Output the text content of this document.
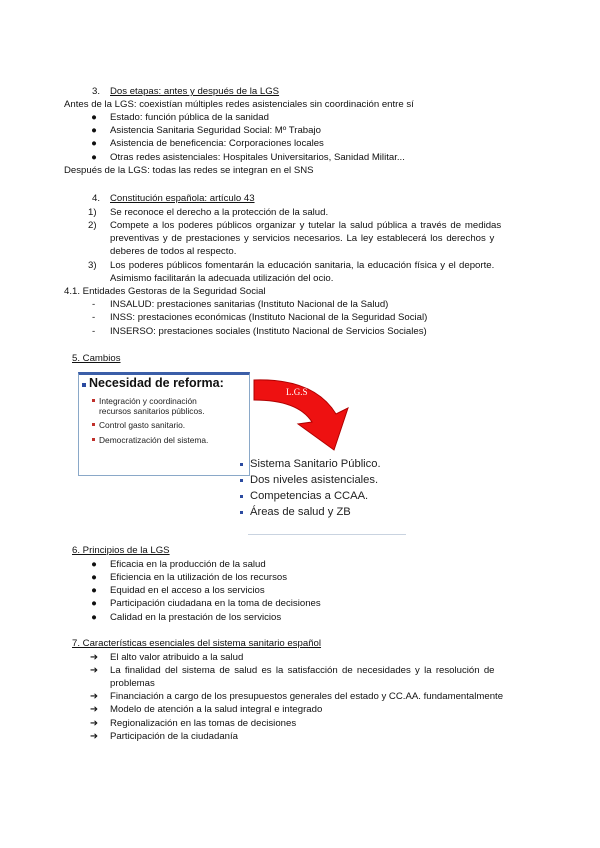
3. Dos etapas: antes y después de la LGS
Antes de la LGS: coexistían múltiples redes asistenciales sin coordinación entre sí
●	Estado: función pública de la sanidad
●	Asistencia Sanitaria Seguridad Social: Mº Trabajo
●	Asistencia de beneficencia: Corporaciones locales
●	Otras redes asistenciales: Hospitales Universitarios, Sanidad Militar...
Después de la LGS: todas las redes se integran en el SNS
4. Constitución española: artículo 43
1) Se reconoce el derecho a la protección de la salud.
2) Compete a los poderes públicos organizar y tutelar la salud pública a través de medidas
preventivas y de prestaciones y servicios necesarios. La ley establecerá los derechos y
deberes de todos al respecto.
3) Los poderes públicos fomentarán la educación sanitaria, la educación física y el deporte.
Asimismo facilitarán la adecuada utilización del ocio.
4.1. Entidades Gestoras de la Seguridad Social
- INSALUD: prestaciones sanitarias (Instituto Nacional de la Salud)
- INSS: prestaciones económicas (Instituto Nacional de la Seguridad Social)
- INSERSO: prestaciones sociales (Instituto Nacional de Servicios Sociales)
5. Cambios
Necesidad de reforma:
Integración y coordinación
recursos sanitarios públicos.
Control gasto sanitario.
Democratización del sistema.
L.G.S
Sistema Sanitario Público.
Dos niveles asistenciales.
Competencias a CCAA.
Áreas de salud y ZB
6. Principios de la LGS
●	Eficacia en la producción de la salud
●	Eficiencia en la utilización de los recursos
●	Equidad en el acceso a los servicios
●	Participación ciudadana en la toma de decisiones
●	Calidad en la prestación de los servicios
7. Características esenciales del sistema sanitario español
➔ El alto valor atribuido a la salud
➔ La finalidad del sistema de salud es la satisfacción de necesidades y la resolución de
problemas
➔ Financiación a cargo de los presupuestos generales del estado y CC.AA. fundamentalmente
➔ Modelo de atención a la salud integral e integrado
➔ Regionalización en las tomas de decisiones
➔ Participación de la ciudadanía
